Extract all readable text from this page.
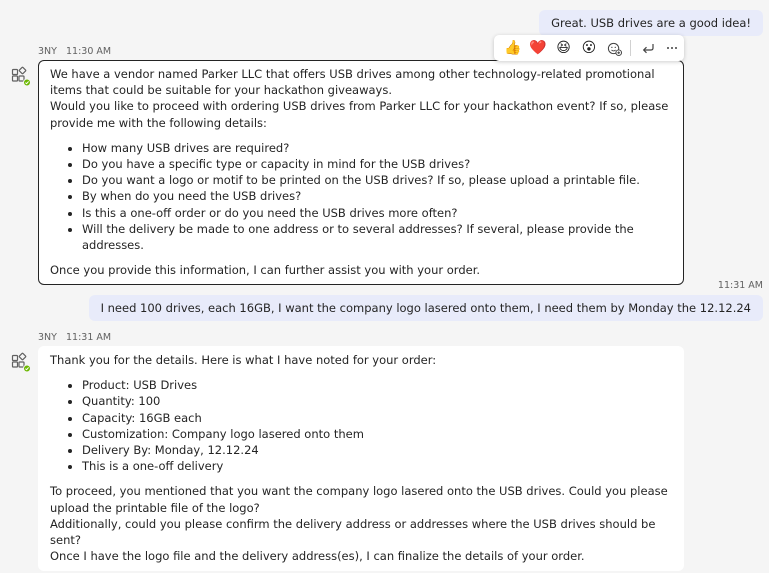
Great. USB drives are a good idea!
3NY 11:30 AM

We have a vendor named Parker LLC that offers USB drives among other technology-related promotional items that could be suitable for your hackathon giveaways.

Would you like to proceed with ordering USB drives from Parker LLC for your hackathon event? If so, please provide me with the following details:

• How many USB drives are required?
• Do you have a specific type or capacity in mind for the USB drives?
• Do you want a logo or motif to be printed on the USB drives? If so, please upload a printable file.
• By when do you need the USB drives?
• Is this a one-off order or do you need the USB drives more often?
• Will the delivery be made to one address or to several addresses? If several, please provide the addresses.

Once you provide this information, I can further assist you with your order.

👍 ❤️ 😆 😮
11:31 AM
I need 100 drives, each 16GB, I want the company logo lasered onto them, I need them by Monday the 12.12.24
3NY 11:31 AM

Thank you for the details. Here is what I have noted for your order:

• Product: USB Drives
• Quantity: 100
• Capacity: 16GB each
• Customization: Company logo lasered onto them
• Delivery By: Monday, 12.12.24
• This is a one-off delivery

To proceed, you mentioned that you want the company logo lasered onto the USB drives. Could you please upload the printable file of the logo?

Additionally, could you please confirm the delivery address or addresses where the USB drives should be sent?

Once I have the logo file and the delivery address(es), I can finalize the details of your order.
